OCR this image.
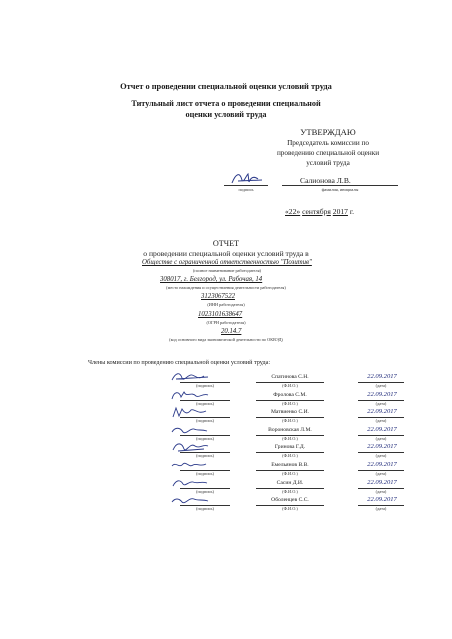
Отчет о проведении специальной оценки условий труда
Титульный лист отчета о проведении специальной
оценки условий труда
УТВЕРЖДАЮ
Председатель комиссии по
проведению специальной оценки
условий труда
подпись
Салионова Л.В.
фамилия, инициалы
«22» сентября 2017 г.
ОТЧЕТ
о проведении специальной оценки условий труда в
Обществе с ограниченной ответственностью "Позитив"
(полное наименование работодателя)
308017, г. Белгород, ул. Рабочая, 14
(место нахождения и осуществления деятельности работодателя)
3123067522
(ИНН работодателя)
1023101638647
(ОГРН работодателя)
20.14.7
(код основного вида экономической деятельности по ОКВЭД)
Члены комиссии по проведению специальной оценки условий труда:
(подпись)
Спатинова С.Н.
(Ф.И.О.)
22.09.2017
(дата)
(подпись)
Фролова С.М.
(Ф.И.О.)
22.09.2017
(дата)
(подпись)
Матвиенко С.И.
(Ф.И.О.)
22.09.2017
(дата)
(подпись)
Вороновская Л.М.
(Ф.И.О.)
22.09.2017
(дата)
(подпись)
Гринова Г.Д.
(Ф.И.О.)
22.09.2017
(дата)
(подпись)
Емельянов В.В.
(Ф.И.О.)
22.09.2017
(дата)
(подпись)
Сасин Д.И.
(Ф.И.О.)
22.09.2017
(дата)
(подпись)
Оболенцев С.С.
(Ф.И.О.)
22.09.2017
(дата)
